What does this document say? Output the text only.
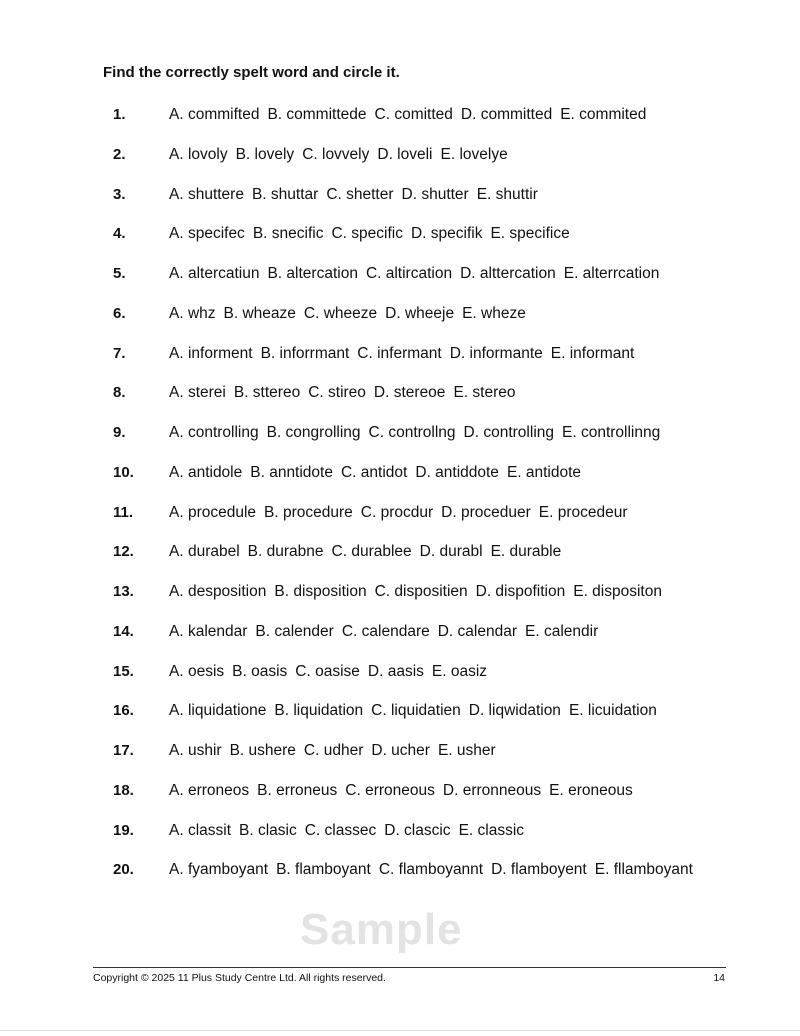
Find the correctly spelt word and circle it.
1.	A. commifted B. committede C. comitted D. committed E. commited
2.	A. lovoly B. lovely C. lovvely D. loveli E. lovelye
3.	A. shuttere B. shuttar C. shetter D. shutter E. shuttir
4.	A. specifec B. snecific C. specific D. specifik E. specifice
5.	A. altercatiun B. altercation C. altircation D. alttercation E. alterrcation
6.	A. whz B. wheaze C. wheeze D. wheeje E. wheze
7.	A. informent B. inforrmant C. infermant D. informante E. informant
8.	A. sterei B. sttereo C. stireo D. stereoe E. stereo
9.	A. controlling B. congrolling C. controllng D. controlling E. controllinng
10.	A. antidole B. anntidote C. antidot D. antiddote E. antidote
11.	A. procedule B. procedure C. procdur D. proceduer E. procedeur
12.	A. durabel B. durabne C. durablee D. durabl E. durable
13.	A. desposition B. disposition C. dispositien D. dispofition E. dispositon
14.	A. kalendar B. calender C. calendare D. calendar E. calendir
15.	A. oesis B. oasis C. oasise D. aasis E. oasiz
16.	A. liquidatione B. liquidation C. liquidatien D. liqwidation E. licuidation
17.	A. ushir B. ushere C. udher D. ucher E. usher
18.	A. erroneos B. erroneus C. erroneous D. erronneous E. eroneous
19.	A. classit B. clasic C. classec D. clascic E. classic
20.	A. fyamboyant B. flamboyant C. flamboyannt D. flamboyent E. fllamboyant
Sample
Copyright © 2025 11 Plus Study Centre Ltd. All rights reserved.	14
